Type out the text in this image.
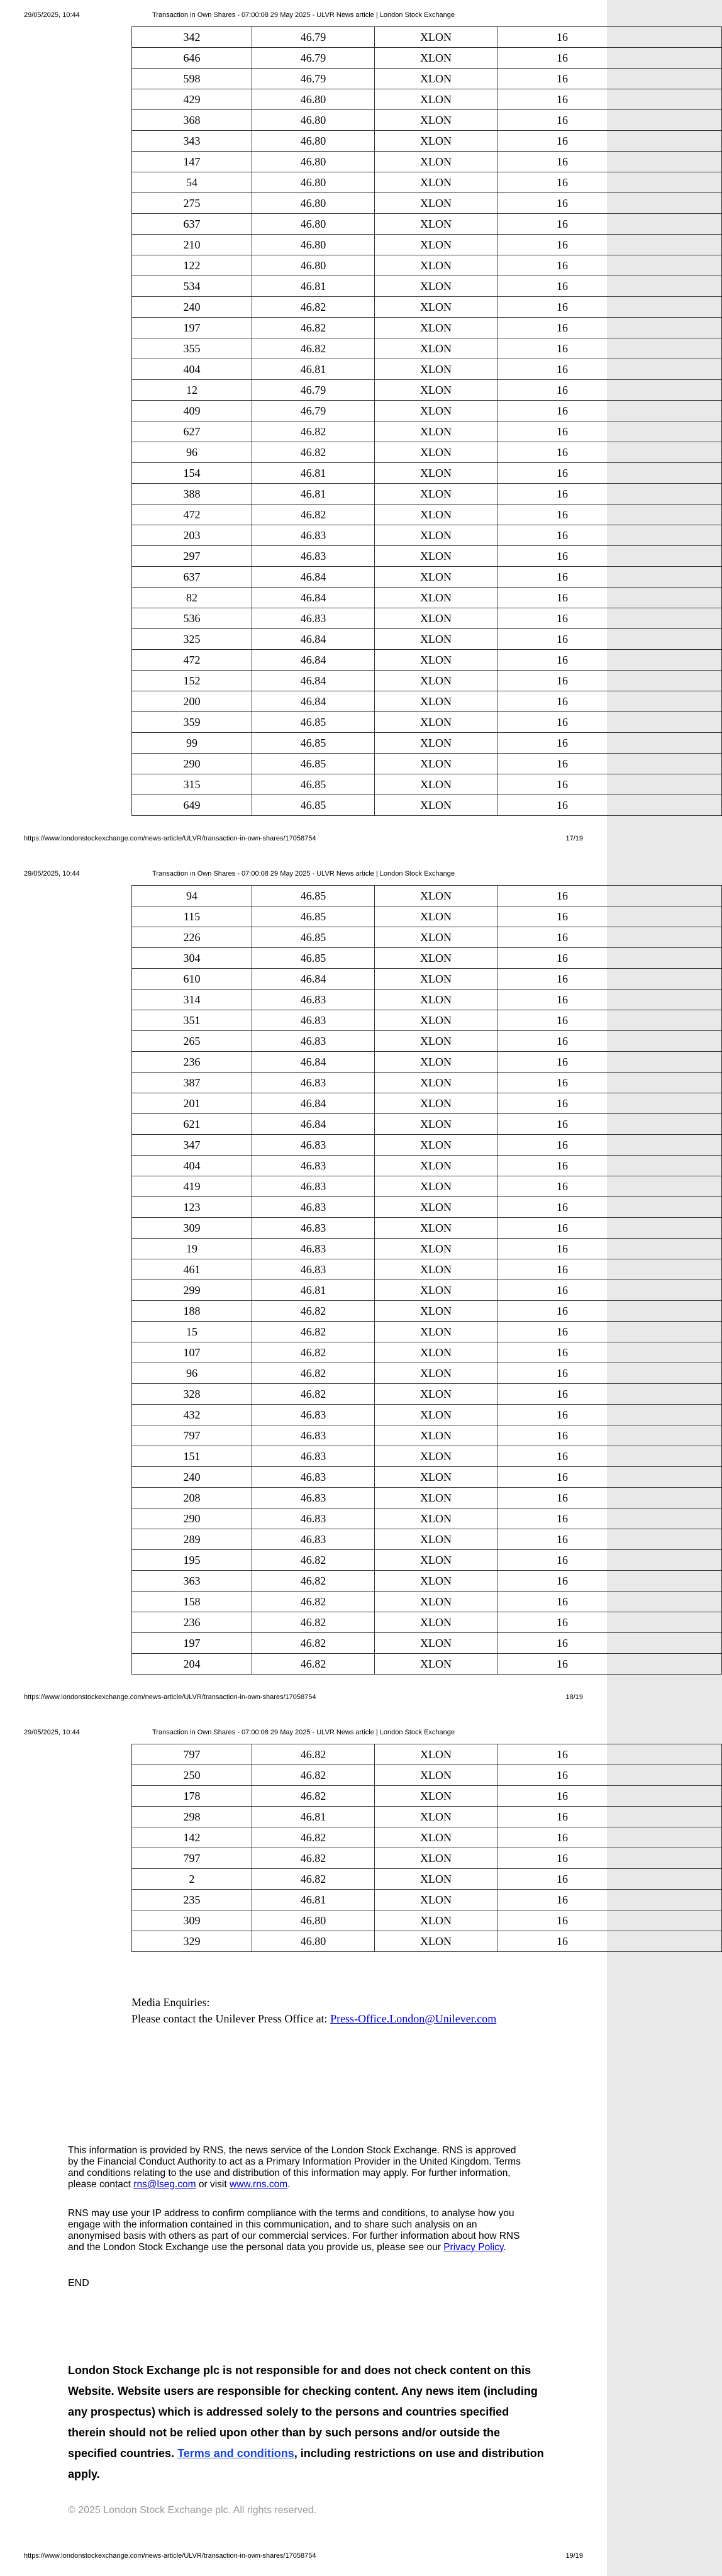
29/05/2025, 10:44	Transaction in Own Shares - 07:00:08 29 May 2025 - ULVR News article | London Stock Exchange
342	46.79	XLON	16
646	46.79	XLON	16
598	46.79	XLON	16
429	46.80	XLON	16
368	46.80	XLON	16
343	46.80	XLON	16
147	46.80	XLON	16
54	46.80	XLON	16
275	46.80	XLON	16
637	46.80	XLON	16
210	46.80	XLON	16
122	46.80	XLON	16
534	46.81	XLON	16
240	46.82	XLON	16
197	46.82	XLON	16
355	46.82	XLON	16
404	46.81	XLON	16
12	46.79	XLON	16
409	46.79	XLON	16
627	46.82	XLON	16
96	46.82	XLON	16
154	46.81	XLON	16
388	46.81	XLON	16
472	46.82	XLON	16
203	46.83	XLON	16
297	46.83	XLON	16
637	46.84	XLON	16
82	46.84	XLON	16
536	46.83	XLON	16
325	46.84	XLON	16
472	46.84	XLON	16
152	46.84	XLON	16
200	46.84	XLON	16
359	46.85	XLON	16
99	46.85	XLON	16
290	46.85	XLON	16
315	46.85	XLON	16
649	46.85	XLON	16
https://www.londonstockexchange.com/news-article/ULVR/transaction-in-own-shares/17058754	17/19
29/05/2025, 10:44	Transaction in Own Shares - 07:00:08 29 May 2025 - ULVR News article | London Stock Exchange
94	46.85	XLON	16
115	46.85	XLON	16
226	46.85	XLON	16
304	46.85	XLON	16
610	46.84	XLON	16
314	46.83	XLON	16
351	46.83	XLON	16
265	46.83	XLON	16
236	46.84	XLON	16
387	46.83	XLON	16
201	46.84	XLON	16
621	46.84	XLON	16
347	46.83	XLON	16
404	46.83	XLON	16
419	46.83	XLON	16
123	46.83	XLON	16
309	46.83	XLON	16
19	46.83	XLON	16
461	46.83	XLON	16
299	46.81	XLON	16
188	46.82	XLON	16
15	46.82	XLON	16
107	46.82	XLON	16
96	46.82	XLON	16
328	46.82	XLON	16
432	46.83	XLON	16
797	46.83	XLON	16
151	46.83	XLON	16
240	46.83	XLON	16
208	46.83	XLON	16
290	46.83	XLON	16
289	46.83	XLON	16
195	46.82	XLON	16
363	46.82	XLON	16
158	46.82	XLON	16
236	46.82	XLON	16
197	46.82	XLON	16
204	46.82	XLON	16
https://www.londonstockexchange.com/news-article/ULVR/transaction-in-own-shares/17058754	18/19
29/05/2025, 10:44	Transaction in Own Shares - 07:00:08 29 May 2025 - ULVR News article | London Stock Exchange
797	46.82	XLON	16
250	46.82	XLON	16
178	46.82	XLON	16
298	46.81	XLON	16
142	46.82	XLON	16
797	46.82	XLON	16
2	46.82	XLON	16
235	46.81	XLON	16
309	46.80	XLON	16
329	46.80	XLON	16
https://www.londonstockexchange.com/news-article/ULVR/transaction-in-own-shares/17058754	19/19
Media Enquiries:
Please contact the Unilever Press Office at: Press-Office.London@Unilever.com
This information is provided by RNS, the news service of the London Stock Exchange. RNS is approved by the Financial Conduct Authority to act as a Primary Information Provider in the United Kingdom. Terms and conditions relating to the use and distribution of this information may apply. For further information, please contact rns@lseg.com or visit www.rns.com.
RNS may use your IP address to confirm compliance with the terms and conditions, to analyse how you engage with the information contained in this communication, and to share such analysis on an anonymised basis with others as part of our commercial services. For further information about how RNS and the London Stock Exchange use the personal data you provide us, please see our Privacy Policy.
END
London Stock Exchange plc is not responsible for and does not check content on this Website. Website users are responsible for checking content. Any news item (including any prospectus) which is addressed solely to the persons and countries specified therein should not be relied upon other than by such persons and/or outside the specified countries. Terms and conditions, including restrictions on use and distribution apply.
© 2025 London Stock Exchange plc. All rights reserved.
